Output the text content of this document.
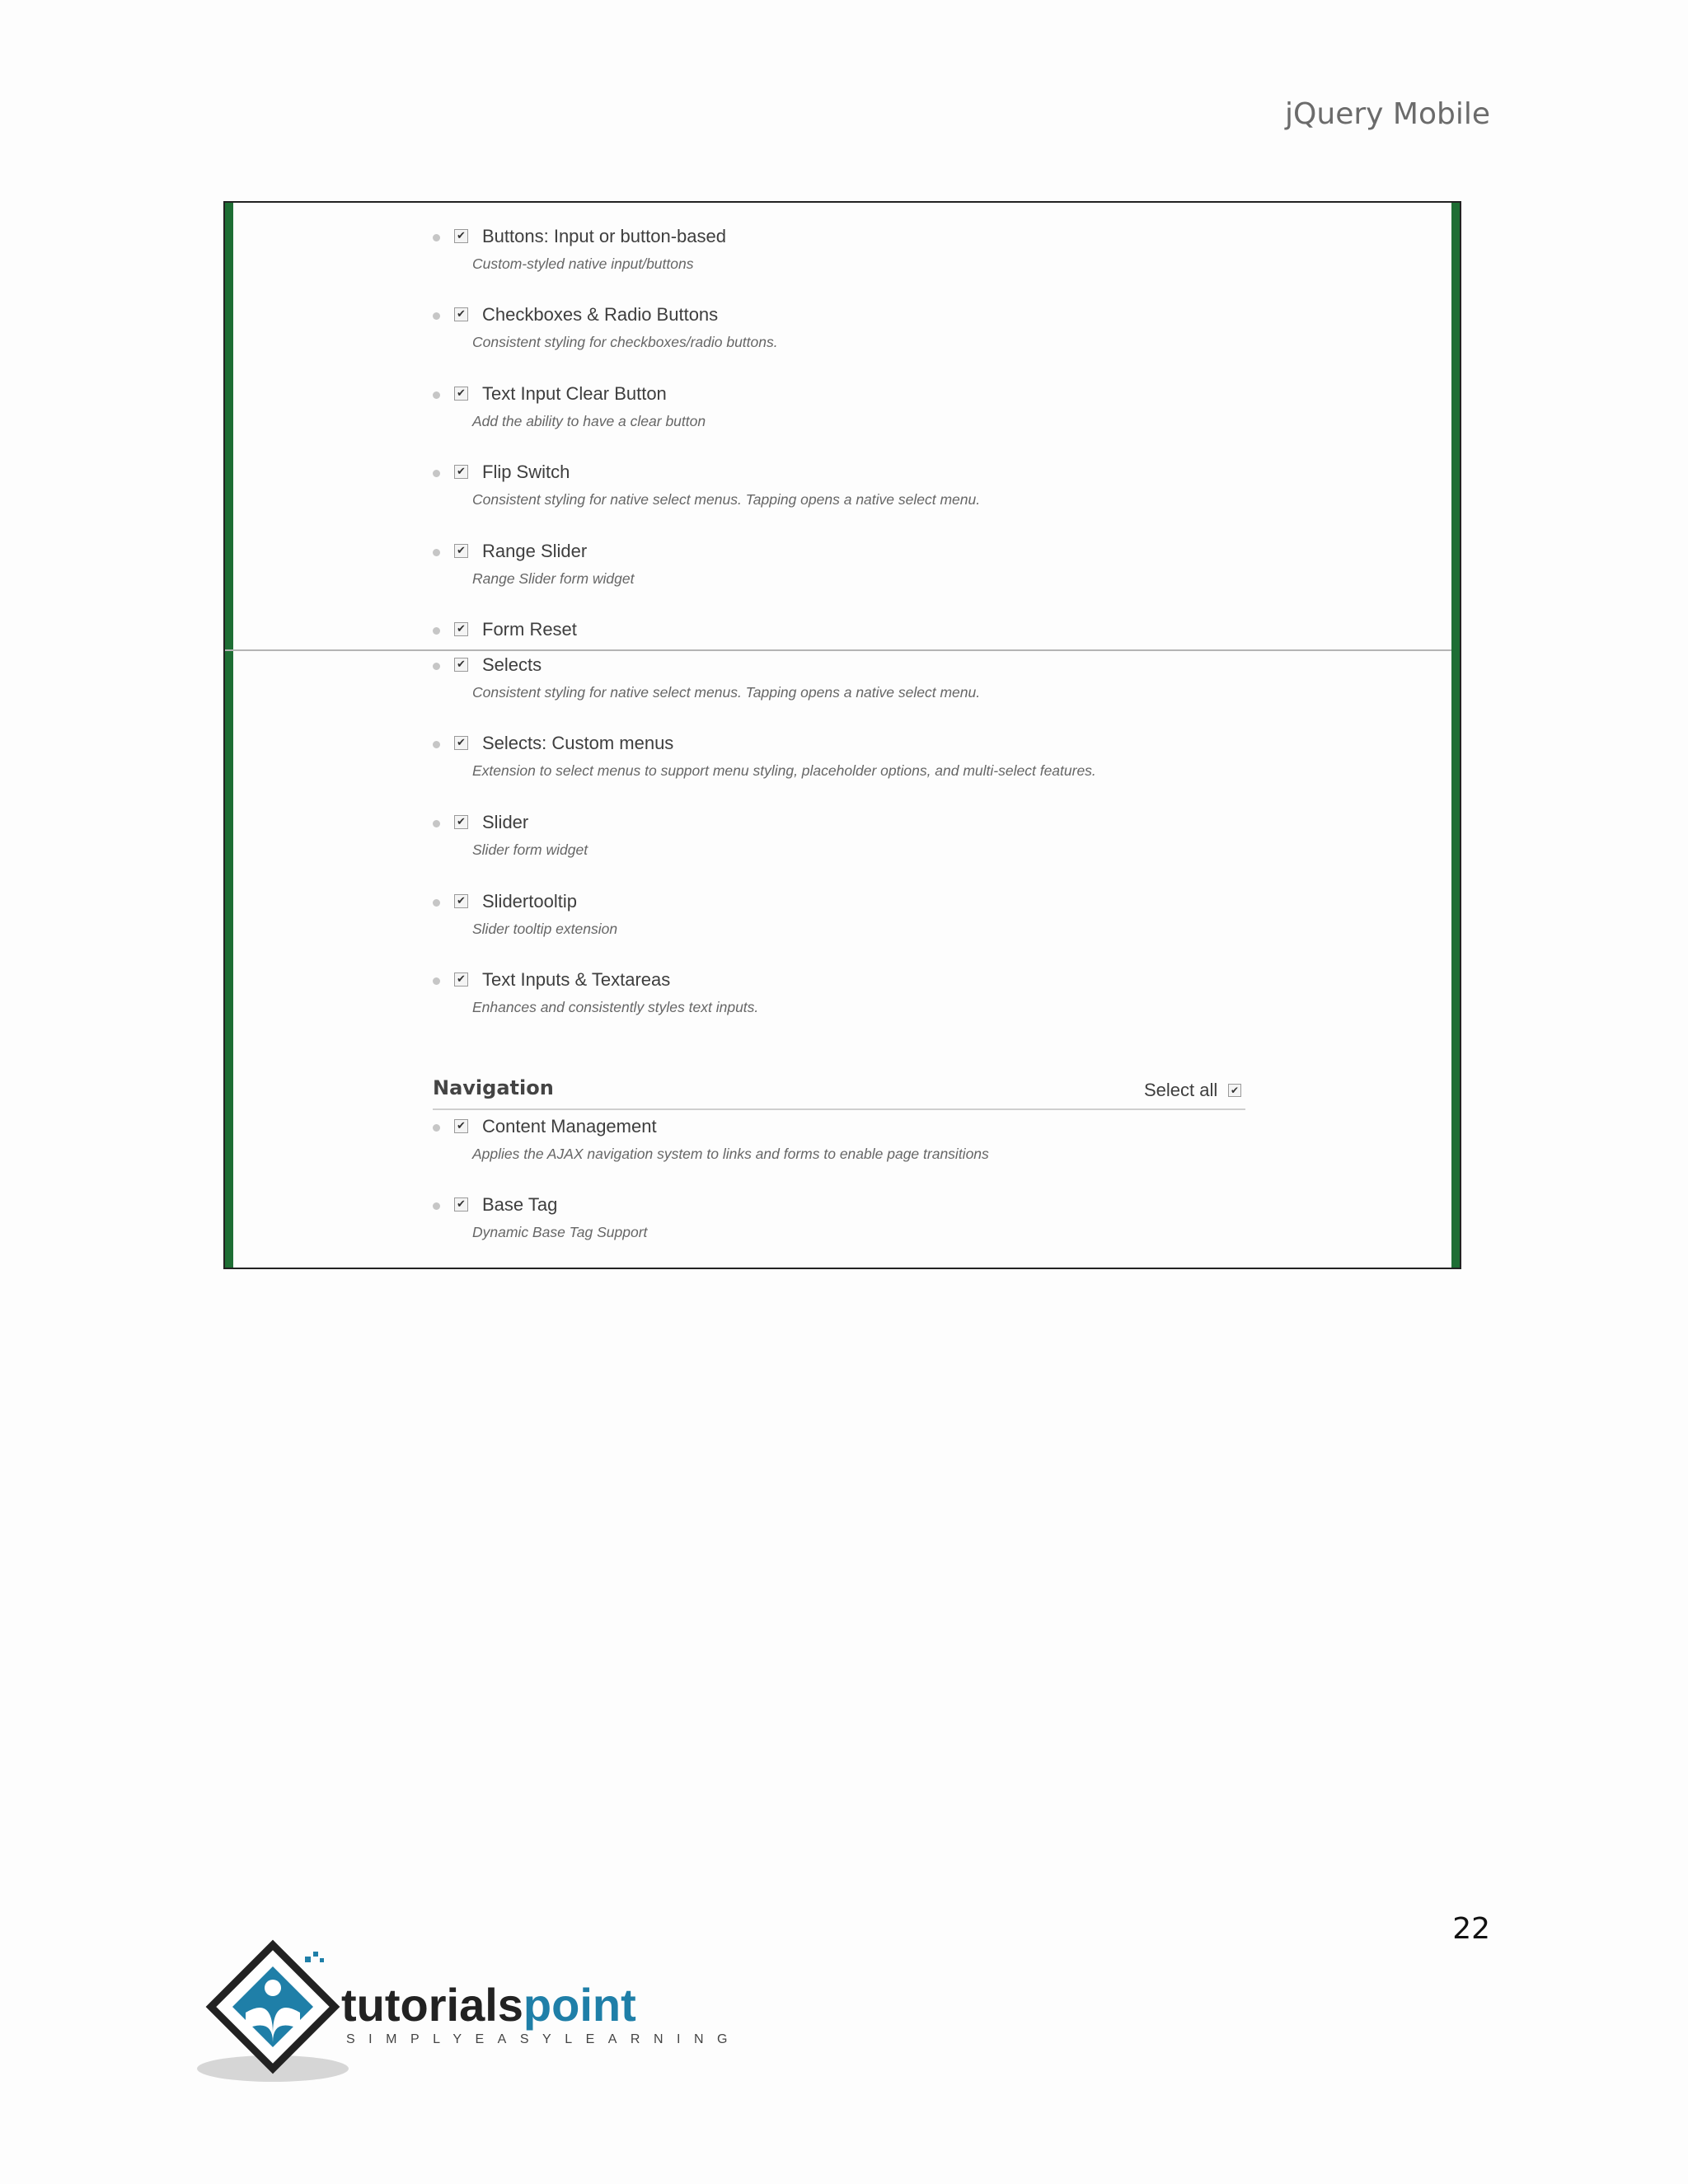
jQuery Mobile
✔ Buttons: Input or button-based
Custom-styled native input/buttons
✔ Checkboxes & Radio Buttons
Consistent styling for checkboxes/radio buttons.
✔ Text Input Clear Button
Add the ability to have a clear button
✔ Flip Switch
Consistent styling for native select menus. Tapping opens a native select menu.
✔ Range Slider
Range Slider form widget
✔ Form Reset
✔ Selects
Consistent styling for native select menus. Tapping opens a native select menu.
✔ Selects: Custom menus
Extension to select menus to support menu styling, placeholder options, and multi-select features.
✔ Slider
Slider form widget
✔ Slidertooltip
Slider tooltip extension
✔ Text Inputs & Textareas
Enhances and consistently styles text inputs.
Navigation	Select all ✔
✔ Content Management
Applies the AJAX navigation system to links and forms to enable page transitions
✔ Base Tag
Dynamic Base Tag Support
22
tutorialspoint
SIMPLYEASYLEARNING
